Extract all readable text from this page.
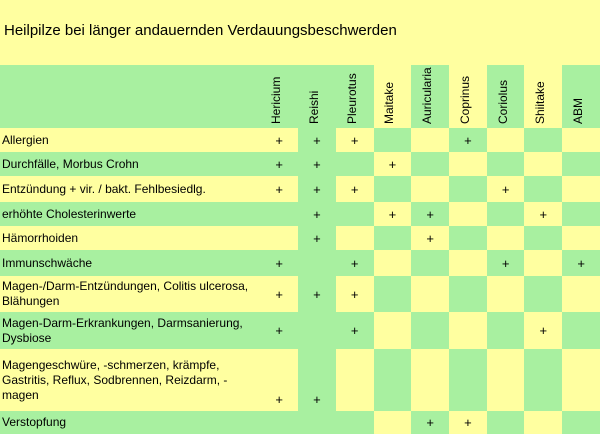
Heilpilze bei länger andauernden Verdauungsbeschwerden

	Hericium	Reishi	Pleurotus	Maitake	Auricularia	Coprinus	Coriolus	Shiitake	ABM

Allergien	+	+	+			+			
Durchfälle, Morbus Crohn	+	+		+					
Entzündung + vir. / bakt. Fehlbesiedlg.	+	+	+				+		
erhöhte Cholesterinwerte		+		+	+			+	
Hämorrhoiden		+			+				
Immunschwäche	+		+				+		+
Magen-/Darm-Entzündungen, Colitis ulcerosa, Blähungen	+	+	+						
Magen-Darm-Erkrankungen, Darmsanierung, Dysbiose	+		+					+	
Magengeschwüre, -schmerzen, krämpfe, Gastritis, Reflux, Sodbrennen, Reizdarm, -magen	+	+							
Verstopfung					+	+			
